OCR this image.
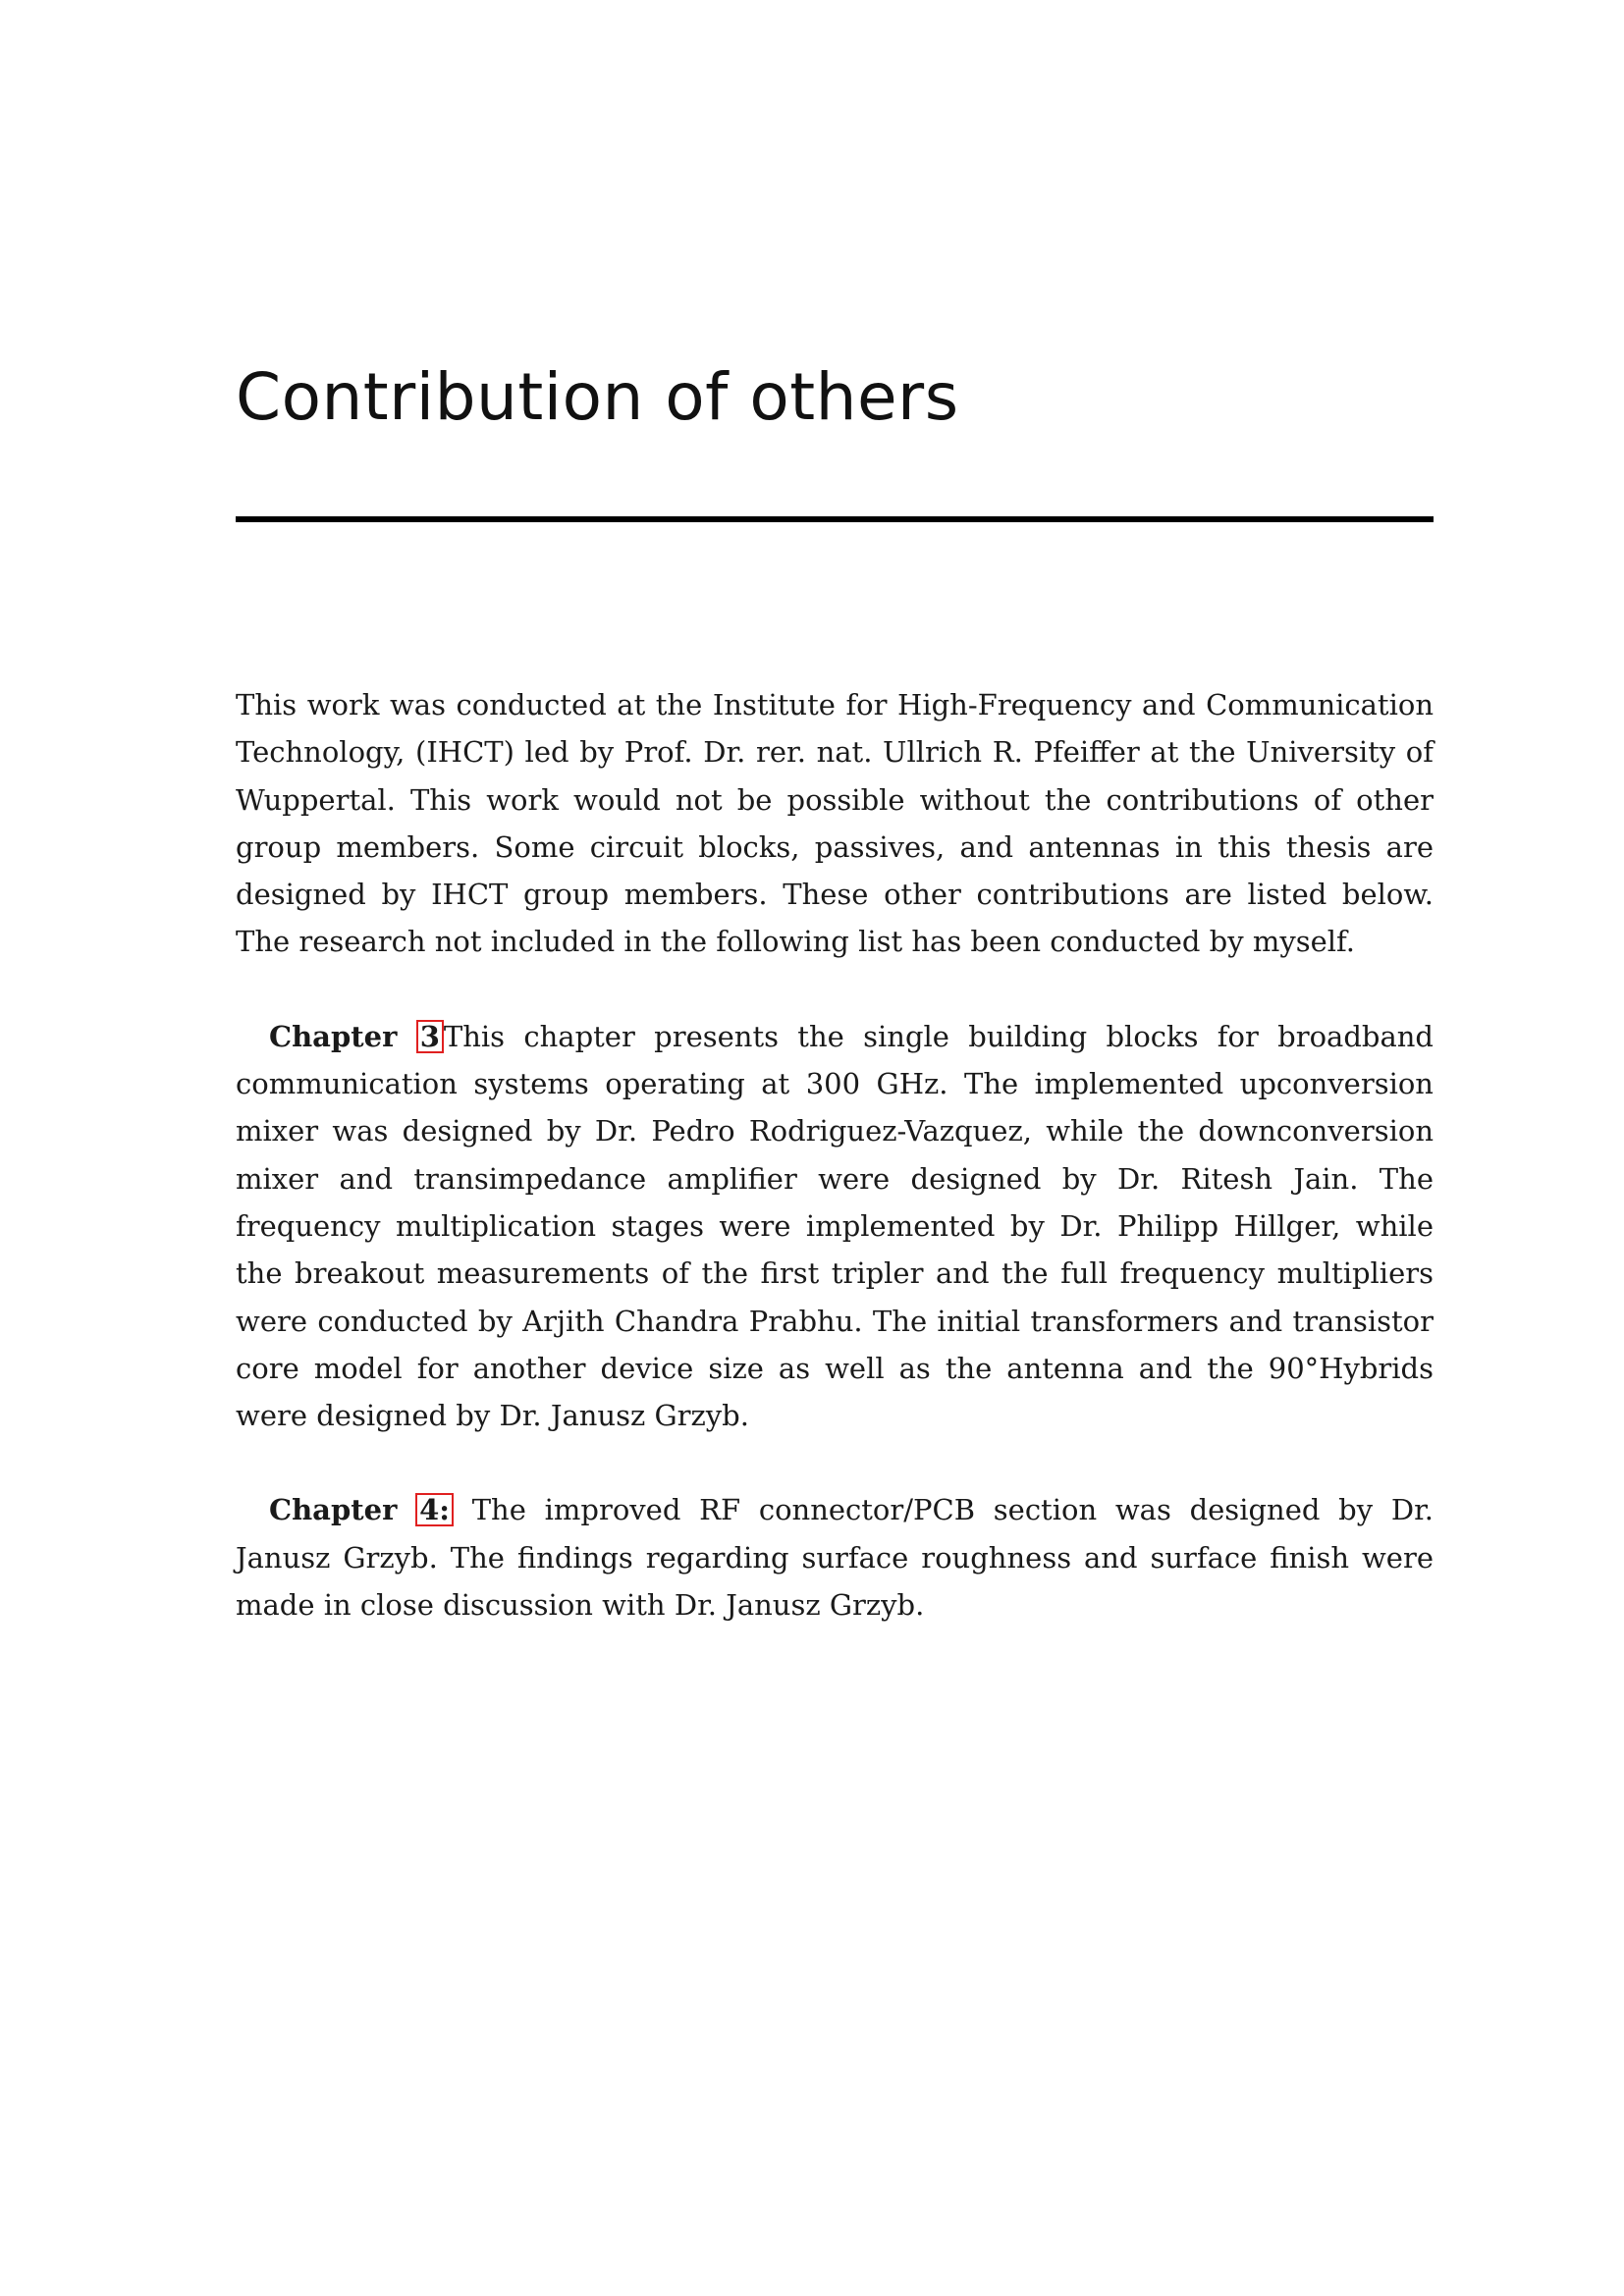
Contribution of others

This work was conducted at the Institute for High-Frequency and Communication Technology, (IHCT) led by Prof. Dr. rer. nat. Ullrich R. Pfeiffer at the University of Wuppertal. This work would not be possible without the contributions of other group members. Some circuit blocks, passives, and antennas in this thesis are designed by IHCT group members. These other contributions are listed below. The research not included in the following list has been conducted by myself.

Chapter 3 This chapter presents the single building blocks for broadband communication systems operating at 300 GHz. The implemented upconversion mixer was designed by Dr. Pedro Rodriguez-Vazquez, while the downconversion mixer and transimpedance amplifier were designed by Dr. Ritesh Jain. The frequency multiplication stages were implemented by Dr. Philipp Hillger, while the breakout measurements of the first tripler and the full frequency multipliers were conducted by Arjith Chandra Prabhu. The initial transformers and transistor core model for another device size as well as the antenna and the 90°Hybrids were designed by Dr. Janusz Grzyb.

Chapter 4: The improved RF connector/PCB section was designed by Dr. Janusz Grzyb. The findings regarding surface roughness and surface finish were made in close discussion with Dr. Janusz Grzyb.
